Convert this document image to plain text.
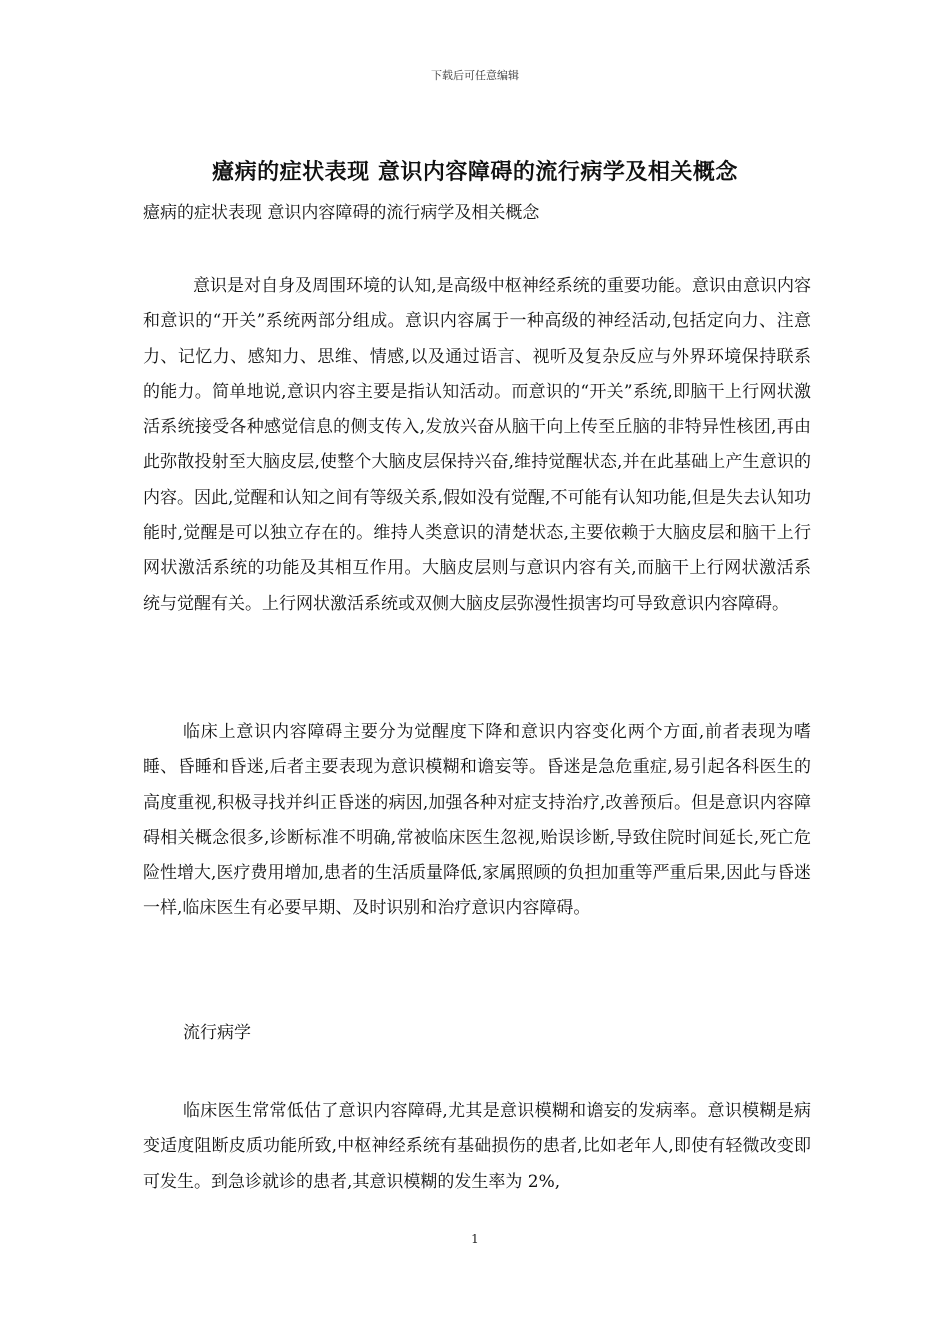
下载后可任意编辑
癔病的症状表现 意识内容障碍的流行病学及相关概念
癔病的症状表现 意识内容障碍的流行病学及相关概念

意识是对自身及周围环境的认知,是高级中枢神经系统的重要功能。意识由意识内容和意识的“开关”系统两部分组成。意识内容属于一种高级的神经活动,包括定向力、注意力、记忆力、感知力、思维、情感,以及通过语言、视听及复杂反应与外界环境保持联系的能力。简单地说,意识内容主要是指认知活动。而意识的“开关”系统,即脑干上行网状激活系统接受各种感觉信息的侧支传入,发放兴奋从脑干向上传至丘脑的非特异性核团,再由此弥散投射至大脑皮层,使整个大脑皮层保持兴奋,维持觉醒状态,并在此基础上产生意识的内容。因此,觉醒和认知之间有等级关系,假如没有觉醒,不可能有认知功能,但是失去认知功能时,觉醒是可以独立存在的。维持人类意识的清楚状态,主要依赖于大脑皮层和脑干上行网状激活系统的功能及其相互作用。大脑皮层则与意识内容有关,而脑干上行网状激活系统与觉醒有关。上行网状激活系统或双侧大脑皮层弥漫性损害均可导致意识内容障碍。

临床上意识内容障碍主要分为觉醒度下降和意识内容变化两个方面,前者表现为嗜睡、昏睡和昏迷,后者主要表现为意识模糊和谵妄等。昏迷是急危重症,易引起各科医生的高度重视,积极寻找并纠正昏迷的病因,加强各种对症支持治疗,改善预后。但是意识内容障碍相关概念很多,诊断标准不明确,常被临床医生忽视,贻误诊断,导致住院时间延长,死亡危险性增大,医疗费用增加,患者的生活质量降低,家属照顾的负担加重等严重后果,因此与昏迷一样,临床医生有必要早期、及时识别和治疗意识内容障碍。

流行病学

临床医生常常低估了意识内容障碍,尤其是意识模糊和谵妄的发病率。意识模糊是病变适度阻断皮质功能所致,中枢神经系统有基础损伤的患者,比如老年人,即使有轻微改变即可发生。到急诊就诊的患者,其意识模糊的发生率为 2%,

1
